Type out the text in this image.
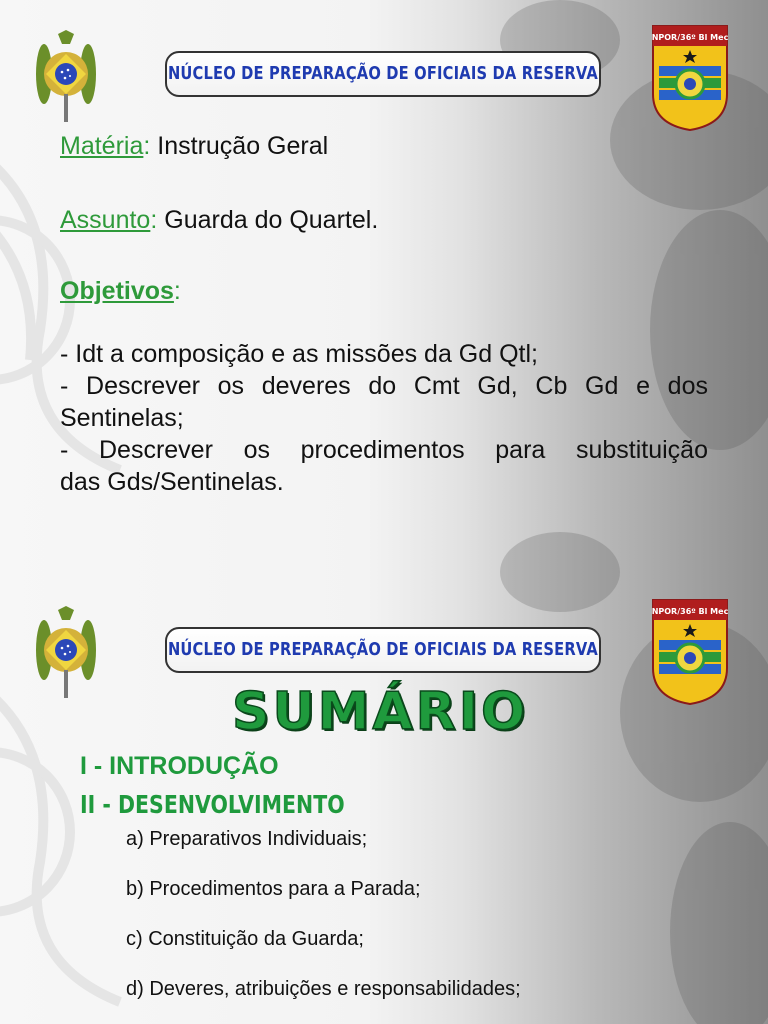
NÚCLEO DE PREPARAÇÃO DE OFICIAIS DA RESERVA
NPOR/36º Bl Mec
Matéria: Instrução Geral
Assunto: Guarda do Quartel.
Objetivos:
- Idt a composição e as missões da Gd Qtl;
- Descrever os deveres do Cmt Gd, Cb Gd e dos
Sentinelas;
- Descrever os procedimentos para substituição
das Gds/Sentinelas.
NÚCLEO DE PREPARAÇÃO DE OFICIAIS DA RESERVA
NPOR/36º Bl Mec
SUMÁRIO
I - INTRODUÇÃO
II - DESENVOLVIMENTO
a) Preparativos Individuais;
b) Procedimentos para a Parada;
c) Constituição da Guarda;
d) Deveres, atribuições e responsabilidades;
